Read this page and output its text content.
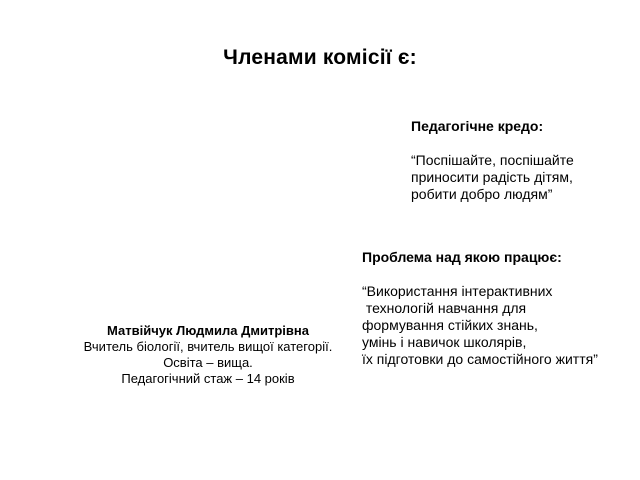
Членами комісії є:
Педагогічне кредо:
“Поспішайте, поспішайте
приносити радість дітям,
робити добро людям”
Проблема над якою працює:
“Використання інтерактивних
технологій навчання для
формування стійких знань,
умінь і навичок школярів,
їх підготовки до самостійного життя”
Матвійчук Людмила Дмитрівна
Вчитель біології, вчитель вищої категорії.
Освіта – вища.
Педагогічний стаж – 14 років
